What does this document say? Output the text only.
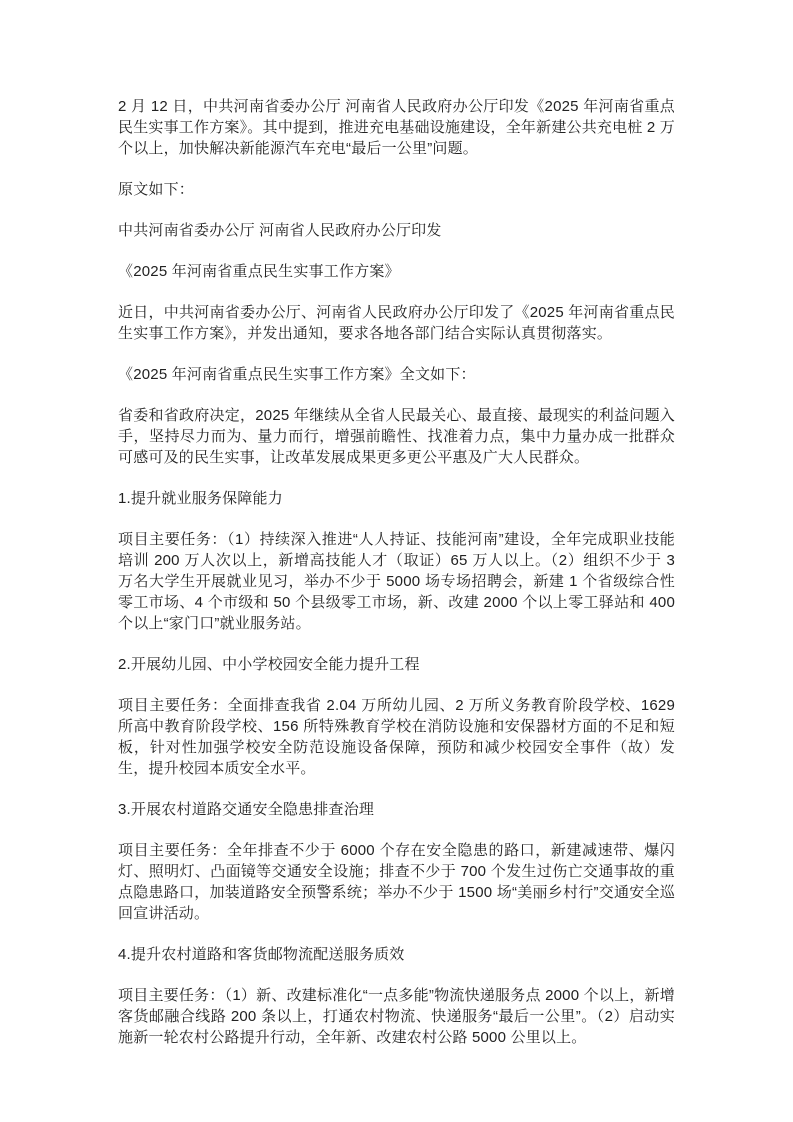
2 月 12 日，中共河南省委办公厅 河南省人民政府办公厅印发《2025 年河南省重点民生实事工作方案》。其中提到，推进充电基础设施建设，全年新建公共充电桩 2 万个以上，加快解决新能源汽车充电“最后一公里”问题。

原文如下：

中共河南省委办公厅 河南省人民政府办公厅印发

《2025 年河南省重点民生实事工作方案》

近日，中共河南省委办公厅、河南省人民政府办公厅印发了《2025 年河南省重点民生实事工作方案》，并发出通知，要求各地各部门结合实际认真贯彻落实。

《2025 年河南省重点民生实事工作方案》全文如下：

省委和省政府决定，2025 年继续从全省人民最关心、最直接、最现实的利益问题入手，坚持尽力而为、量力而行，增强前瞻性、找准着力点，集中力量办成一批群众可感可及的民生实事，让改革发展成果更多更公平惠及广大人民群众。

1.提升就业服务保障能力

项目主要任务：（1）持续深入推进“人人持证、技能河南”建设，全年完成职业技能培训 200 万人次以上，新增高技能人才（取证）65 万人以上。（2）组织不少于 3 万名大学生开展就业见习，举办不少于 5000 场专场招聘会，新建 1 个省级综合性零工市场、4 个市级和 50 个县级零工市场，新、改建 2000 个以上零工驿站和 400 个以上“家门口”就业服务站。

2.开展幼儿园、中小学校园安全能力提升工程

项目主要任务：全面排查我省 2.04 万所幼儿园、2 万所义务教育阶段学校、1629 所高中教育阶段学校、156 所特殊教育学校在消防设施和安保器材方面的不足和短板，针对性加强学校安全防范设施设备保障，预防和减少校园安全事件（故）发生，提升校园本质安全水平。

3.开展农村道路交通安全隐患排查治理

项目主要任务：全年排查不少于 6000 个存在安全隐患的路口，新建减速带、爆闪灯、照明灯、凸面镜等交通安全设施；排查不少于 700 个发生过伤亡交通事故的重点隐患路口，加装道路安全预警系统；举办不少于 1500 场“美丽乡村行”交通安全巡回宣讲活动。

4.提升农村道路和客货邮物流配送服务质效

项目主要任务：（1）新、改建标准化“一点多能”物流快递服务点 2000 个以上，新增客货邮融合线路 200 条以上，打通农村物流、快递服务“最后一公里”。（2）启动实施新一轮农村公路提升行动，全年新、改建农村公路 5000 公里以上。
